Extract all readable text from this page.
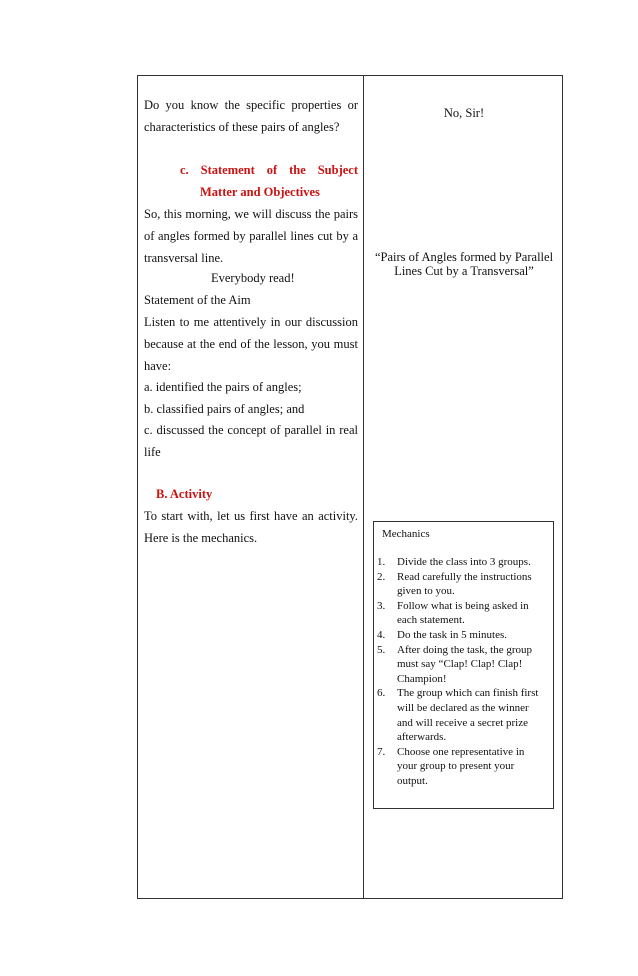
Do you know the specific properties or
characteristics of these pairs of angles?
c. Statement of the Subject
Matter and Objectives
So, this morning, we will discuss the pairs
of angles formed by parallel lines cut by a
transversal line.
Everybody read!
Statement of the Aim
Listen to me attentively in our discussion
because at the end of the lesson, you must
have:
a. identified the pairs of angles;
b. classified pairs of angles; and
c. discussed the concept of parallel in real
life
B. Activity
To start with, let us first have an activity.
Here is the mechanics.
No, Sir!
“Pairs of Angles formed by Parallel
Lines Cut by a Transversal”
Mechanics
1. Divide the class into 3 groups.
2. Read carefully the instructions
given to you.
3. Follow what is being asked in
each statement.
4. Do the task in 5 minutes.
5. After doing the task, the group
must say “Clap! Clap! Clap!
Champion!
6. The group which can finish first
will be declared as the winner
and will receive a secret prize
afterwards.
7. Choose one representative in
your group to present your
output.
